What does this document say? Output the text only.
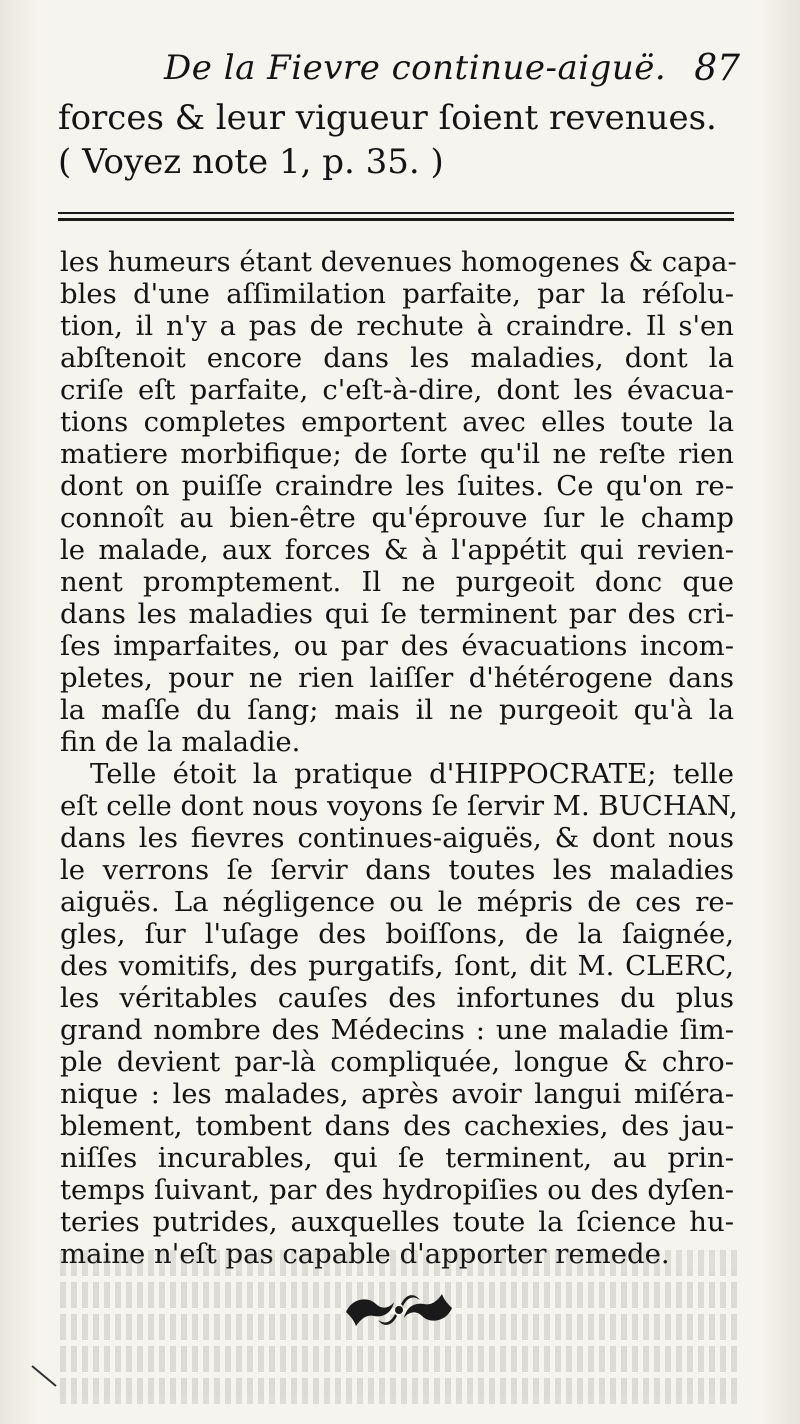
De la Fievre continue-aiguë. 87
forces & leur vigueur ſoient revenues.
( Voyez note 1, p. 35. )
les humeurs étant devenues homogenes & capa-
bles d'une aſſimilation parfaite, par la réſolu-
tion, il n'y a pas de rechute à craindre. Il s'en
abſtenoit encore dans les maladies, dont la
criſe eſt parfaite, c'eſt-à-dire, dont les évacua-
tions completes emportent avec elles toute la
matiere morbifique; de ſorte qu'il ne reſte rien
dont on puiſſe craindre les ſuites. Ce qu'on re-
connoît au bien-être qu'éprouve ſur le champ
le malade, aux forces & à l'appétit qui revien-
nent promptement. Il ne purgeoit donc que
dans les maladies qui ſe terminent par des cri-
ſes imparfaites, ou par des évacuations incom-
pletes, pour ne rien laiſſer d'hétérogene dans
la maſſe du ſang; mais il ne purgeoit qu'à la
fin de la maladie.
Telle étoit la pratique d'HIPPOCRATE; telle
eſt celle dont nous voyons ſe ſervir M. BUCHAN,
dans les fievres continues-aiguës, & dont nous
le verrons ſe ſervir dans toutes les maladies
aiguës. La négligence ou le mépris de ces re-
gles, ſur l'uſage des boiſſons, de la ſaignée,
des vomitifs, des purgatifs, ſont, dit M. CLERC,
les véritables cauſes des infortunes du plus
grand nombre des Médecins : une maladie ſim-
ple devient par-là compliquée, longue & chro-
nique : les malades, après avoir langui miſéra-
blement, tombent dans des cachexies, des jau-
niſſes incurables, qui ſe terminent, au prin-
temps ſuivant, par des hydropiſies ou des dyſen-
teries putrides, auxquelles toute la ſcience hu-
maine n'eſt pas capable d'apporter remede.
